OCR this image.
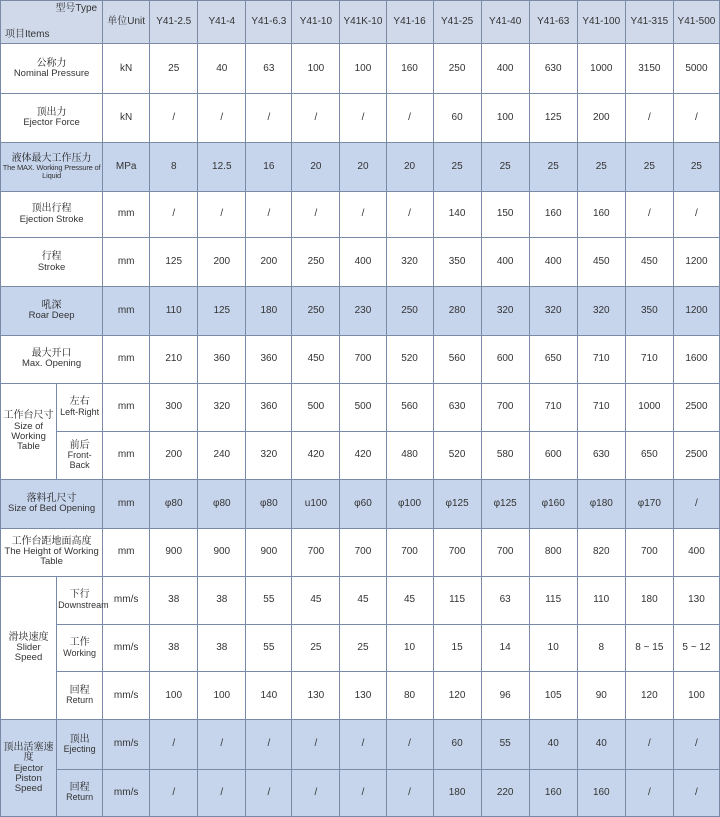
型号Type
项目Items		单位Unit	Y41-2.5	Y41-4	Y41-6.3	Y41-10	Y41K-10	Y41-16	Y41-25	Y41-40	Y41-63	Y41-100	Y41-315	Y41-500

公称力
Nominal Pressure		kN	25	40	63	100	100	160	250	400	630	1000	3150	5000

顶出力
Ejector Force		kN	/	/	/	/	/	/	60	100	125	200	/	/

液体最大工作压力
The MAX. Working Pressure of Liquid		MPa	8	12.5	16	20	20	20	25	25	25	25	25	25

顶出行程
Ejection Stroke		mm	/	/	/	/	/	/	140	150	160	160	/	/

行程
Stroke		mm	125	200	200	250	400	320	350	400	400	450	450	1200

吼深
Roar Deep		mm	110	125	180	250	230	250	280	320	320	320	350	1200

最大开口
Max. Opening		mm	210	360	360	450	700	520	560	600	650	710	710	1600

工作台尺寸
Size of Working Table	左右
Left-Right	mm	300	320	360	500	500	560	630	700	710	710	1000	2500

	前后
Front-Back	mm	200	240	320	420	420	480	520	580	600	630	650	2500

落料孔尺寸
Size of Bed Opening		mm	φ80	φ80	φ80	u100	φ60	φ100	φ125	φ125	φ160	φ180	φ170	/

工作台距地面高度
The Height of Working Table		mm	900	900	900	700	700	700	700	700	800	820	700	400

滑块速度
Slider Speed	下行
Downstream	mm/s	38	38	55	45	45	45	115	63	115	110	180	130

	工作
Working	mm/s	38	38	55	25	25	10	15	14	10	8	8 ~ 15	5 ~ 12

	回程
Return	mm/s	100	100	140	130	130	80	120	96	105	90	120	100

顶出活塞速度
Ejector Piston Speed	顶出
Ejecting	mm/s	/	/	/	/	/	/	60	55	40	40	/	/

	回程
Return	mm/s	/	/	/	/	/	/	180	220	160	160	/	/
